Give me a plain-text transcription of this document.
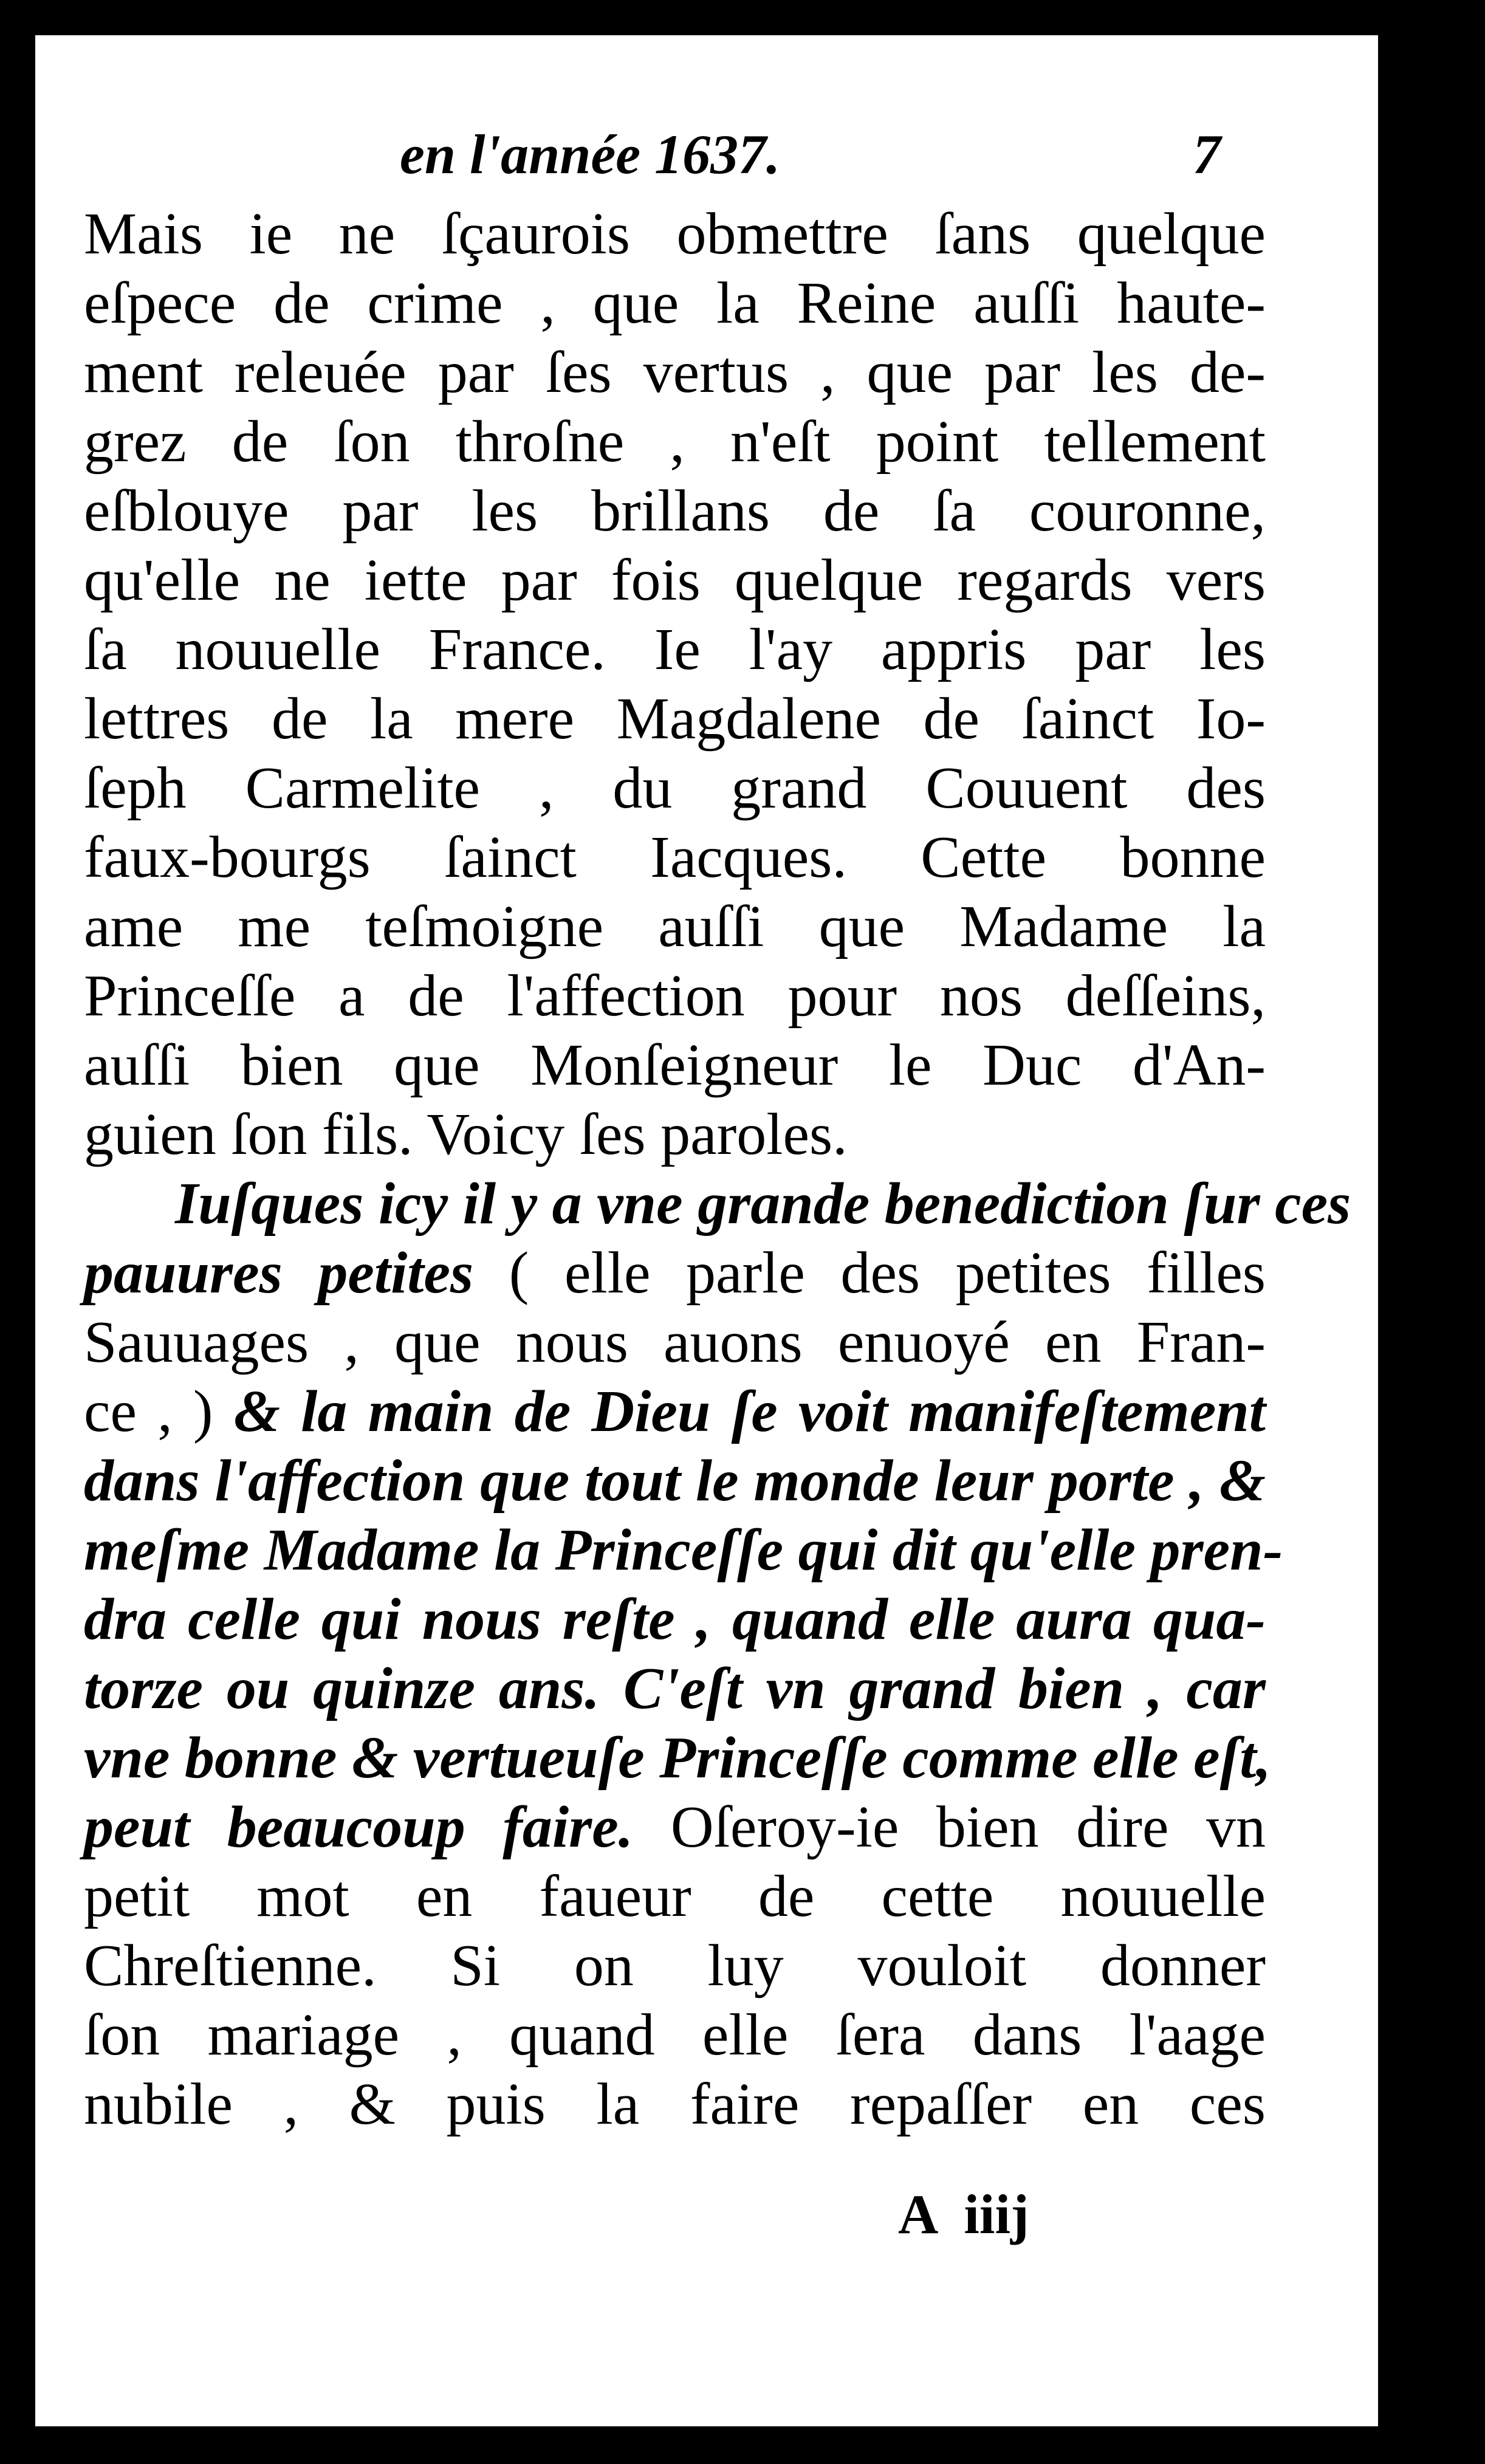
en l'année 1637.	7
Mais ie ne ſçaurois obmettre ſans quelque
eſpece de crime , que la Reine auſſi haute-
ment releuée par ſes vertus , que par les de-
grez de ſon throſne , n'eſt point tellement
eſblouye par les brillans de ſa couronne,
qu'elle ne iette par fois quelque regards vers
ſa nouuelle France. Ie l'ay appris par les
lettres de la mere Magdalene de ſainct Io-
ſeph Carmelite , du grand Couuent des
faux-bourgs ſainct Iacques. Cette bonne
ame me teſmoigne auſſi que Madame la
Princeſſe a de l'affection pour nos deſſeins,
auſſi bien que Monſeigneur le Duc d'An-
guien ſon fils. Voicy ſes paroles.
Iuſques icy il y a vne grande benediction ſur ces
pauures petites ( elle parle des petites filles
Sauuages , que nous auons enuoyé en Fran-
ce , ) & la main de Dieu ſe voit manifeſtement
dans l'affection que tout le monde leur porte , &
meſme Madame la Princeſſe qui dit qu'elle pren-
dra celle qui nous reſte , quand elle aura qua-
torze ou quinze ans. C'eſt vn grand bien , car
vne bonne & vertueuſe Princeſſe comme elle eſt,
peut beaucoup faire. Oſeroy-ie bien dire vn
petit mot en faueur de cette nouuelle
Chreſtienne. Si on luy vouloit donner
ſon mariage , quand elle ſera dans l'aage
nubile , & puis la faire repaſſer en ces
A iiij
